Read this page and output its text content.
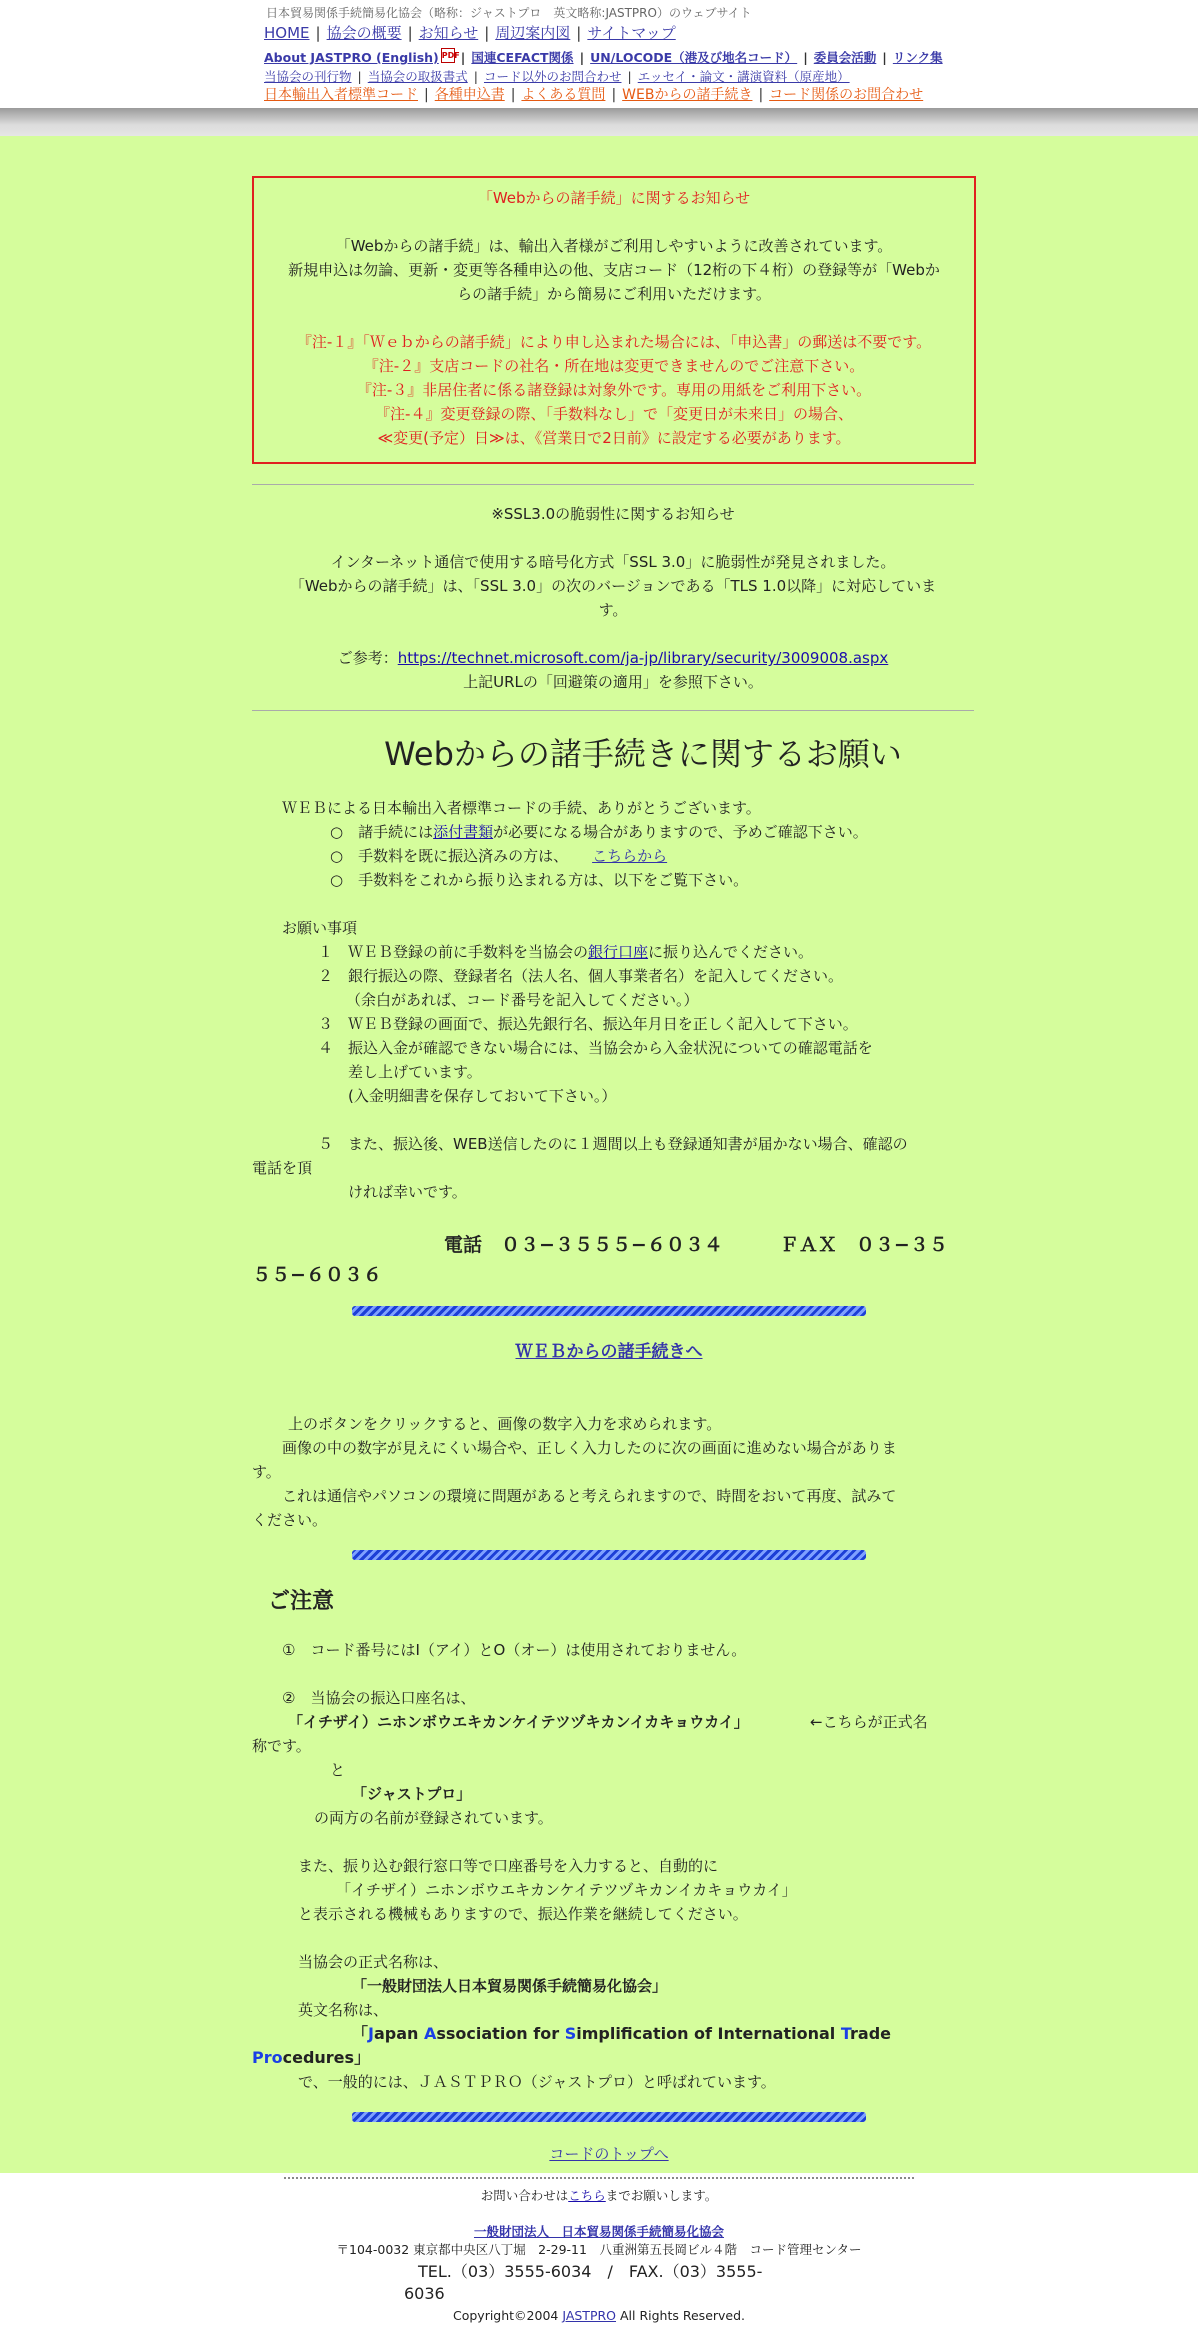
日本貿易関係手続簡易化協会（略称：ジャストプロ　英文略称:JASTPRO）のウェブサイト
HOME | 協会の概要 | お知らせ | 周辺案内図 | サイトマップ
About JASTPRO (English) PDF| 国連CEFACT関係 | UN/LOCODE（港及び地名コード） | 委員会活動 | リンク集
当協会の刊行物 | 当協会の取扱書式 | コード以外のお問合わせ | エッセイ・論文・講演資料（原産地）
日本輸出入者標準コード | 各種申込書 | よくある質問 | WEBからの諸手続き | コード関係のお問合わせ
「Webからの諸手続」に関するお知らせ
「Webからの諸手続」は、輸出入者様がご利用しやすいように改善されています。
新規申込は勿論、更新・変更等各種申込の他、支店コード（12桁の下４桁）の登録等が「Webか
らの諸手続」から簡易にご利用いただけます。
『注-１』「Ｗｅｂからの諸手続」により申し込まれた場合には、「申込書」の郵送は不要です。
『注-２』支店コードの社名・所在地は変更できませんのでご注意下さい。
『注-３』非居住者に係る諸登録は対象外です。専用の用紙をご利用下さい。
『注-４』変更登録の際、「手数料なし」で「変更日が未来日」の場合、
≪変更(予定）日≫は、《営業日で2日前》に設定する必要があります。
※SSL3.0の脆弱性に関するお知らせ
インターネット通信で使用する暗号化方式「SSL 3.0」に脆弱性が発見されました。
「Webからの諸手続」は、「SSL 3.0」の次のバージョンである「TLS 1.0以降」に対応していま
す。
ご参考：https://technet.microsoft.com/ja-jp/library/security/3009008.aspx
上記URLの「回避策の適用」を参照下さい。
Webからの諸手続きに関するお願い
ＷＥＢによる日本輸出入者標準コードの手続、ありがとうございます。
○　諸手続には添付書類が必要になる場合がありますので、予めご確認下さい。
○　手数料を既に振込済みの方は、 こちらから
○　手数料をこれから振り込まれる方は、以下をご覧下さい。
お願い事項
１　ＷＥＢ登録の前に手数料を当協会の銀行口座に振り込んでください。
２　銀行振込の際、登録者名（法人名、個人事業者名）を記入してください。
（余白があれば、コード番号を記入してください。）
３　ＷＥＢ登録の画面で、振込先銀行名、振込年月日を正しく記入して下さい。
４　振込入金が確認できない場合には、当協会から入金状況についての確認電話を
差し上げています。
(入金明細書を保存しておいて下さい。）
５　また、振込後、WEB送信したのに１週間以上も登録通知書が届かない場合、確認の
電話を頂
ければ幸いです。
電話　０３−３５５５−６０３４　　　ＦＡＸ　０３−３５
５５−６０３６
ＷＥＢからの諸手続きへ
上のボタンをクリックすると、画像の数字入力を求められます。
画像の中の数字が見えにくい場合や、正しく入力したのに次の画面に進めない場合がありま
す。
これは通信やパソコンの環境に問題があると考えられますので、時間をおいて再度、試みて
ください。
ご注意
①　コード番号にはI（アイ）とO（オー）は使用されておりません。
②　当協会の振込口座名は、
「イチザイ）ニホンボウエキカンケイテツヅキカンイカキョウカイ」	←こちらが正式名
称です。
と
「ジャストプロ」
の両方の名前が登録されています。
また、振り込む銀行窓口等で口座番号を入力すると、自動的に
「イチザイ）ニホンボウエキカンケイテツヅキカンイカキョウカイ」
と表示される機械もありますので、振込作業を継続してください。
当協会の正式名称は、
「一般財団法人日本貿易関係手続簡易化協会」
英文名称は、
「Japan Association for Simplification of International Trade
Procedures」
で、一般的には、ＪＡＳＴＰＲＯ（ジャストプロ）と呼ばれています。
コードのトップへ
お問い合わせはこちらまでお願いします。
一般財団法人　日本貿易関係手続簡易化協会
〒104-0032 東京都中央区八丁堀　2-29-11　八重洲第五長岡ビル４階　コード管理センター
TEL.（03）3555-6034　/　FAX.（03）3555-
6036
Copyright©2004 JASTPRO All Rights Reserved.
